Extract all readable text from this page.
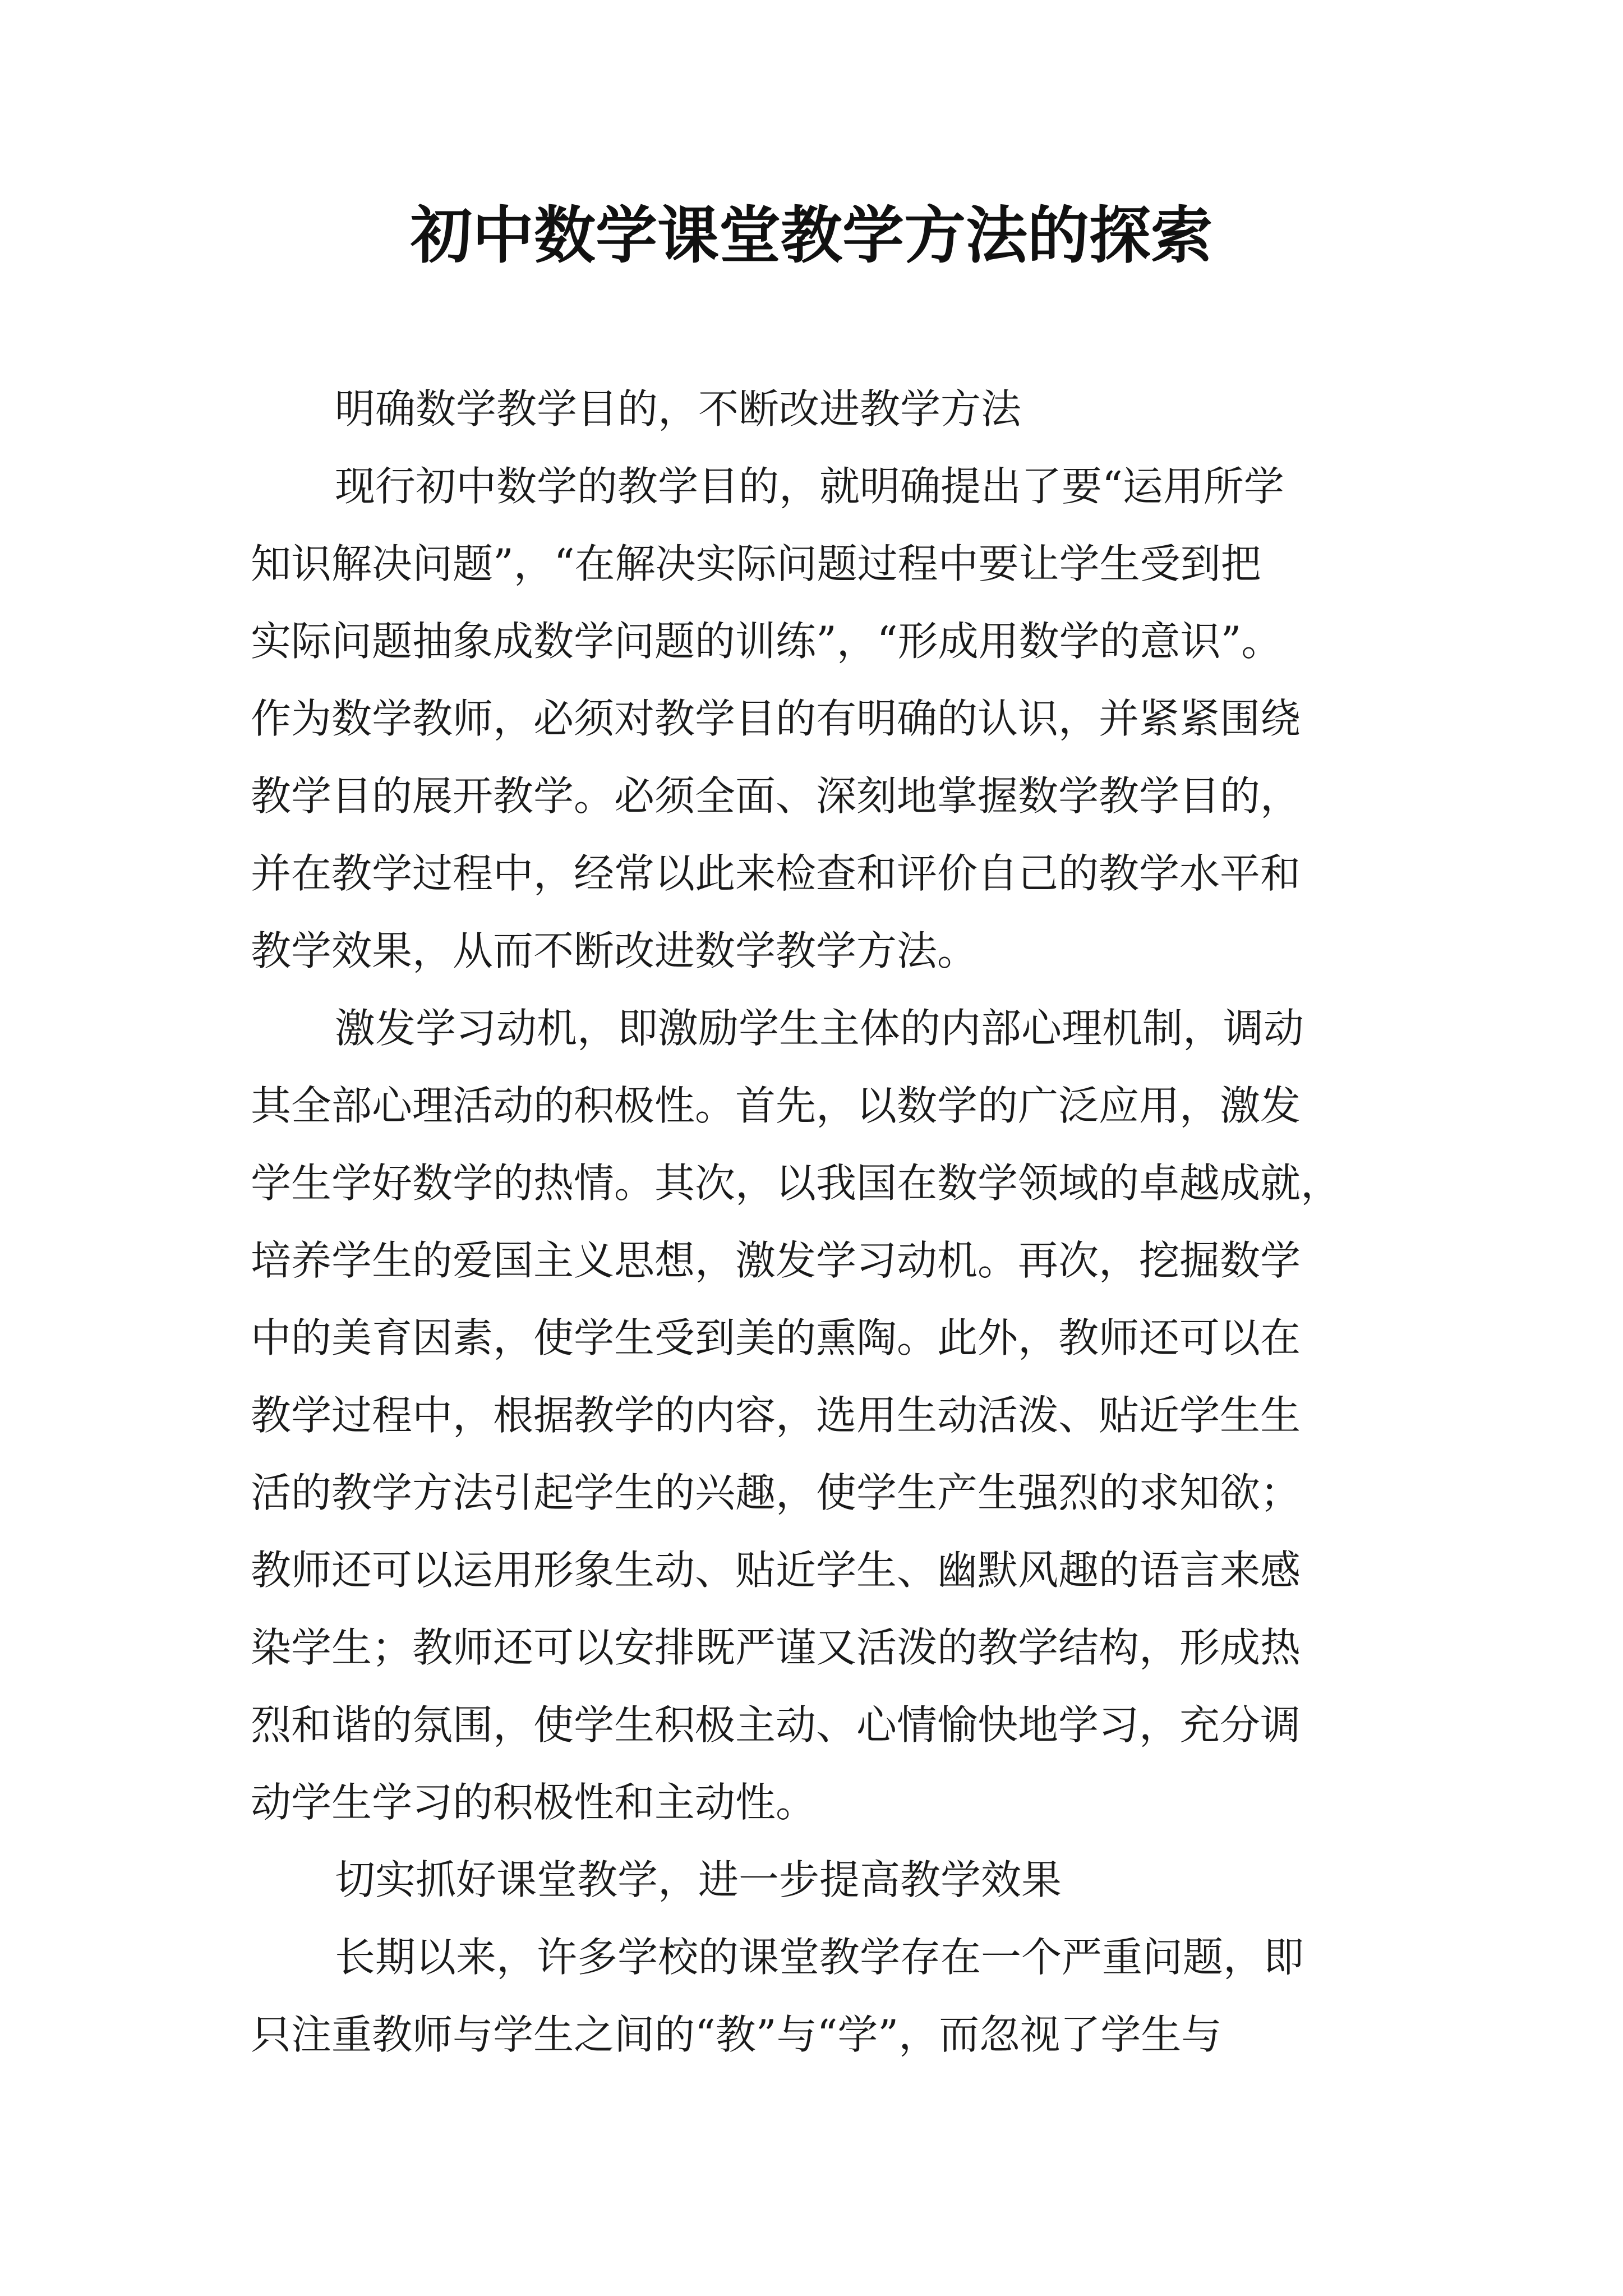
初中数学课堂教学方法的探索
明确数学教学目的，不断改进教学方法
现行初中数学的教学目的，就明确提出了要“运用所学
知识解决问题”，“在解决实际问题过程中要让学生受到把
实际问题抽象成数学问题的训练”，“形成用数学的意识”。
作为数学教师，必须对教学目的有明确的认识，并紧紧围绕
教学目的展开教学。必须全面、深刻地掌握数学教学目的，
并在教学过程中，经常以此来检查和评价自己的教学水平和
教学效果，从而不断改进数学教学方法。
激发学习动机，即激励学生主体的内部心理机制，调动
其全部心理活动的积极性。首先，以数学的广泛应用，激发
学生学好数学的热情。其次，以我国在数学领域的卓越成就，
培养学生的爱国主义思想，激发学习动机。再次，挖掘数学
中的美育因素，使学生受到美的熏陶。此外，教师还可以在
教学过程中，根据教学的内容，选用生动活泼、贴近学生生
活的教学方法引起学生的兴趣，使学生产生强烈的求知欲；
教师还可以运用形象生动、贴近学生、幽默风趣的语言来感
染学生；教师还可以安排既严谨又活泼的教学结构，形成热
烈和谐的氛围，使学生积极主动、心情愉快地学习，充分调
动学生学习的积极性和主动性。
切实抓好课堂教学，进一步提高教学效果
长期以来，许多学校的课堂教学存在一个严重问题，即
只注重教师与学生之间的“教”与“学”，而忽视了学生与
